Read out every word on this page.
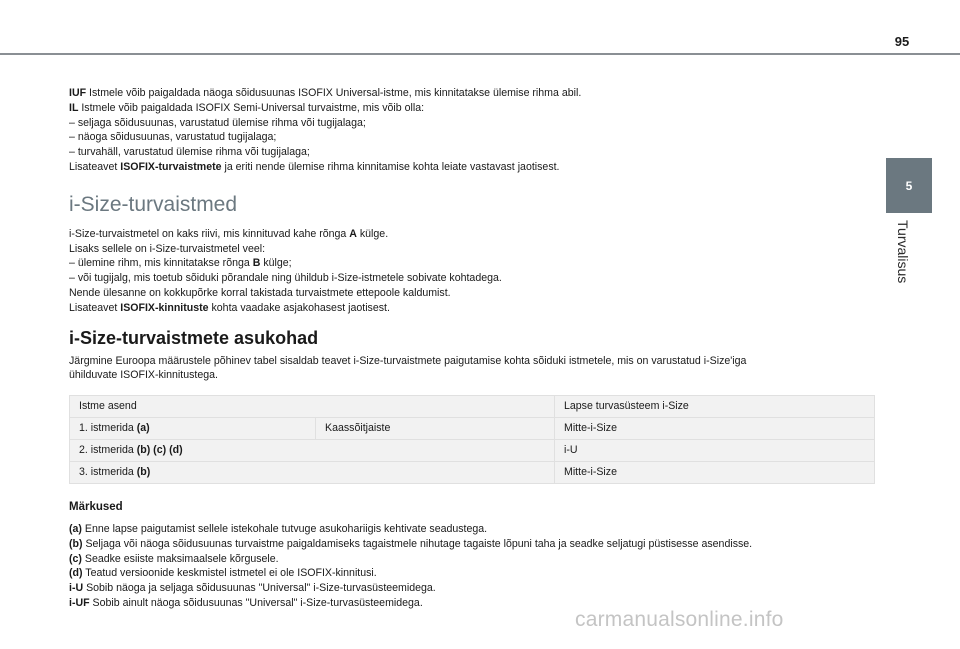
95
5
Turvalisus

IUF Istmele võib paigaldada näoga sõidusuunas ISOFIX Universal-istme, mis kinnitatakse ülemise rihma abil.

IL Istmele võib paigaldada ISOFIX Semi-Universal turvaistme, mis võib olla:

– seljaga sõidusuunas, varustatud ülemise rihma või tugijalaga;

– näoga sõidusuunas, varustatud tugijalaga;

– turvahäll, varustatud ülemise rihma või tugijalaga;

Lisateavet ISOFIX-turvaistmete ja eriti nende ülemise rihma kinnitamise kohta leiate vastavast jaotisest.

i-Size-turvaistmed

i-Size-turvaistmetel on kaks riivi, mis kinnituvad kahe rõnga A külge.

Lisaks sellele on i-Size-turvaistmetel veel:

– ülemine rihm, mis kinnitatakse rõnga B külge;

– või tugijalg, mis toetub sõiduki põrandale ning ühildub i-Size-istmetele sobivate kohtadega.

Nende ülesanne on kokkupõrke korral takistada turvaistmete ettepoole kaldumist.

Lisateavet ISOFIX-kinnituste kohta vaadake asjakohasest jaotisest.

i-Size-turvaistmete asukohad

Järgmine Euroopa määrustele põhinev tabel sisaldab teavet i-Size-turvaistmete paigutamise kohta sõiduki istmetele, mis on varustatud i-Size'iga

ühilduvate ISOFIX-kinnitustega.

Istme asend		Lapse turvasüsteem i-Size
1. istmerida (a)	Kaassõitjaiste	Mitte-i-Size
2. istmerida (b) (c) (d)		i-U
3. istmerida (b)		Mitte-i-Size
Märkused

(a) Enne lapse paigutamist sellele istekohale tutvuge asukohariigis kehtivate seadustega.

(b) Seljaga või näoga sõidusuunas turvaistme paigaldamiseks tagaistmele nihutage tagaiste lõpuni taha ja seadke seljatugi püstisesse asendisse.

(c) Seadke esiiste maksimaalsele kõrgusele.

(d) Teatud versioonide keskmistel istmetel ei ole ISOFIX-kinnitusi.

i-U Sobib näoga ja seljaga sõidusuunas "Universal" i-Size-turvasüsteemidega.

i-UF Sobib ainult näoga sõidusuunas "Universal" i-Size-turvasüsteemidega.

carmanualsonline.info
